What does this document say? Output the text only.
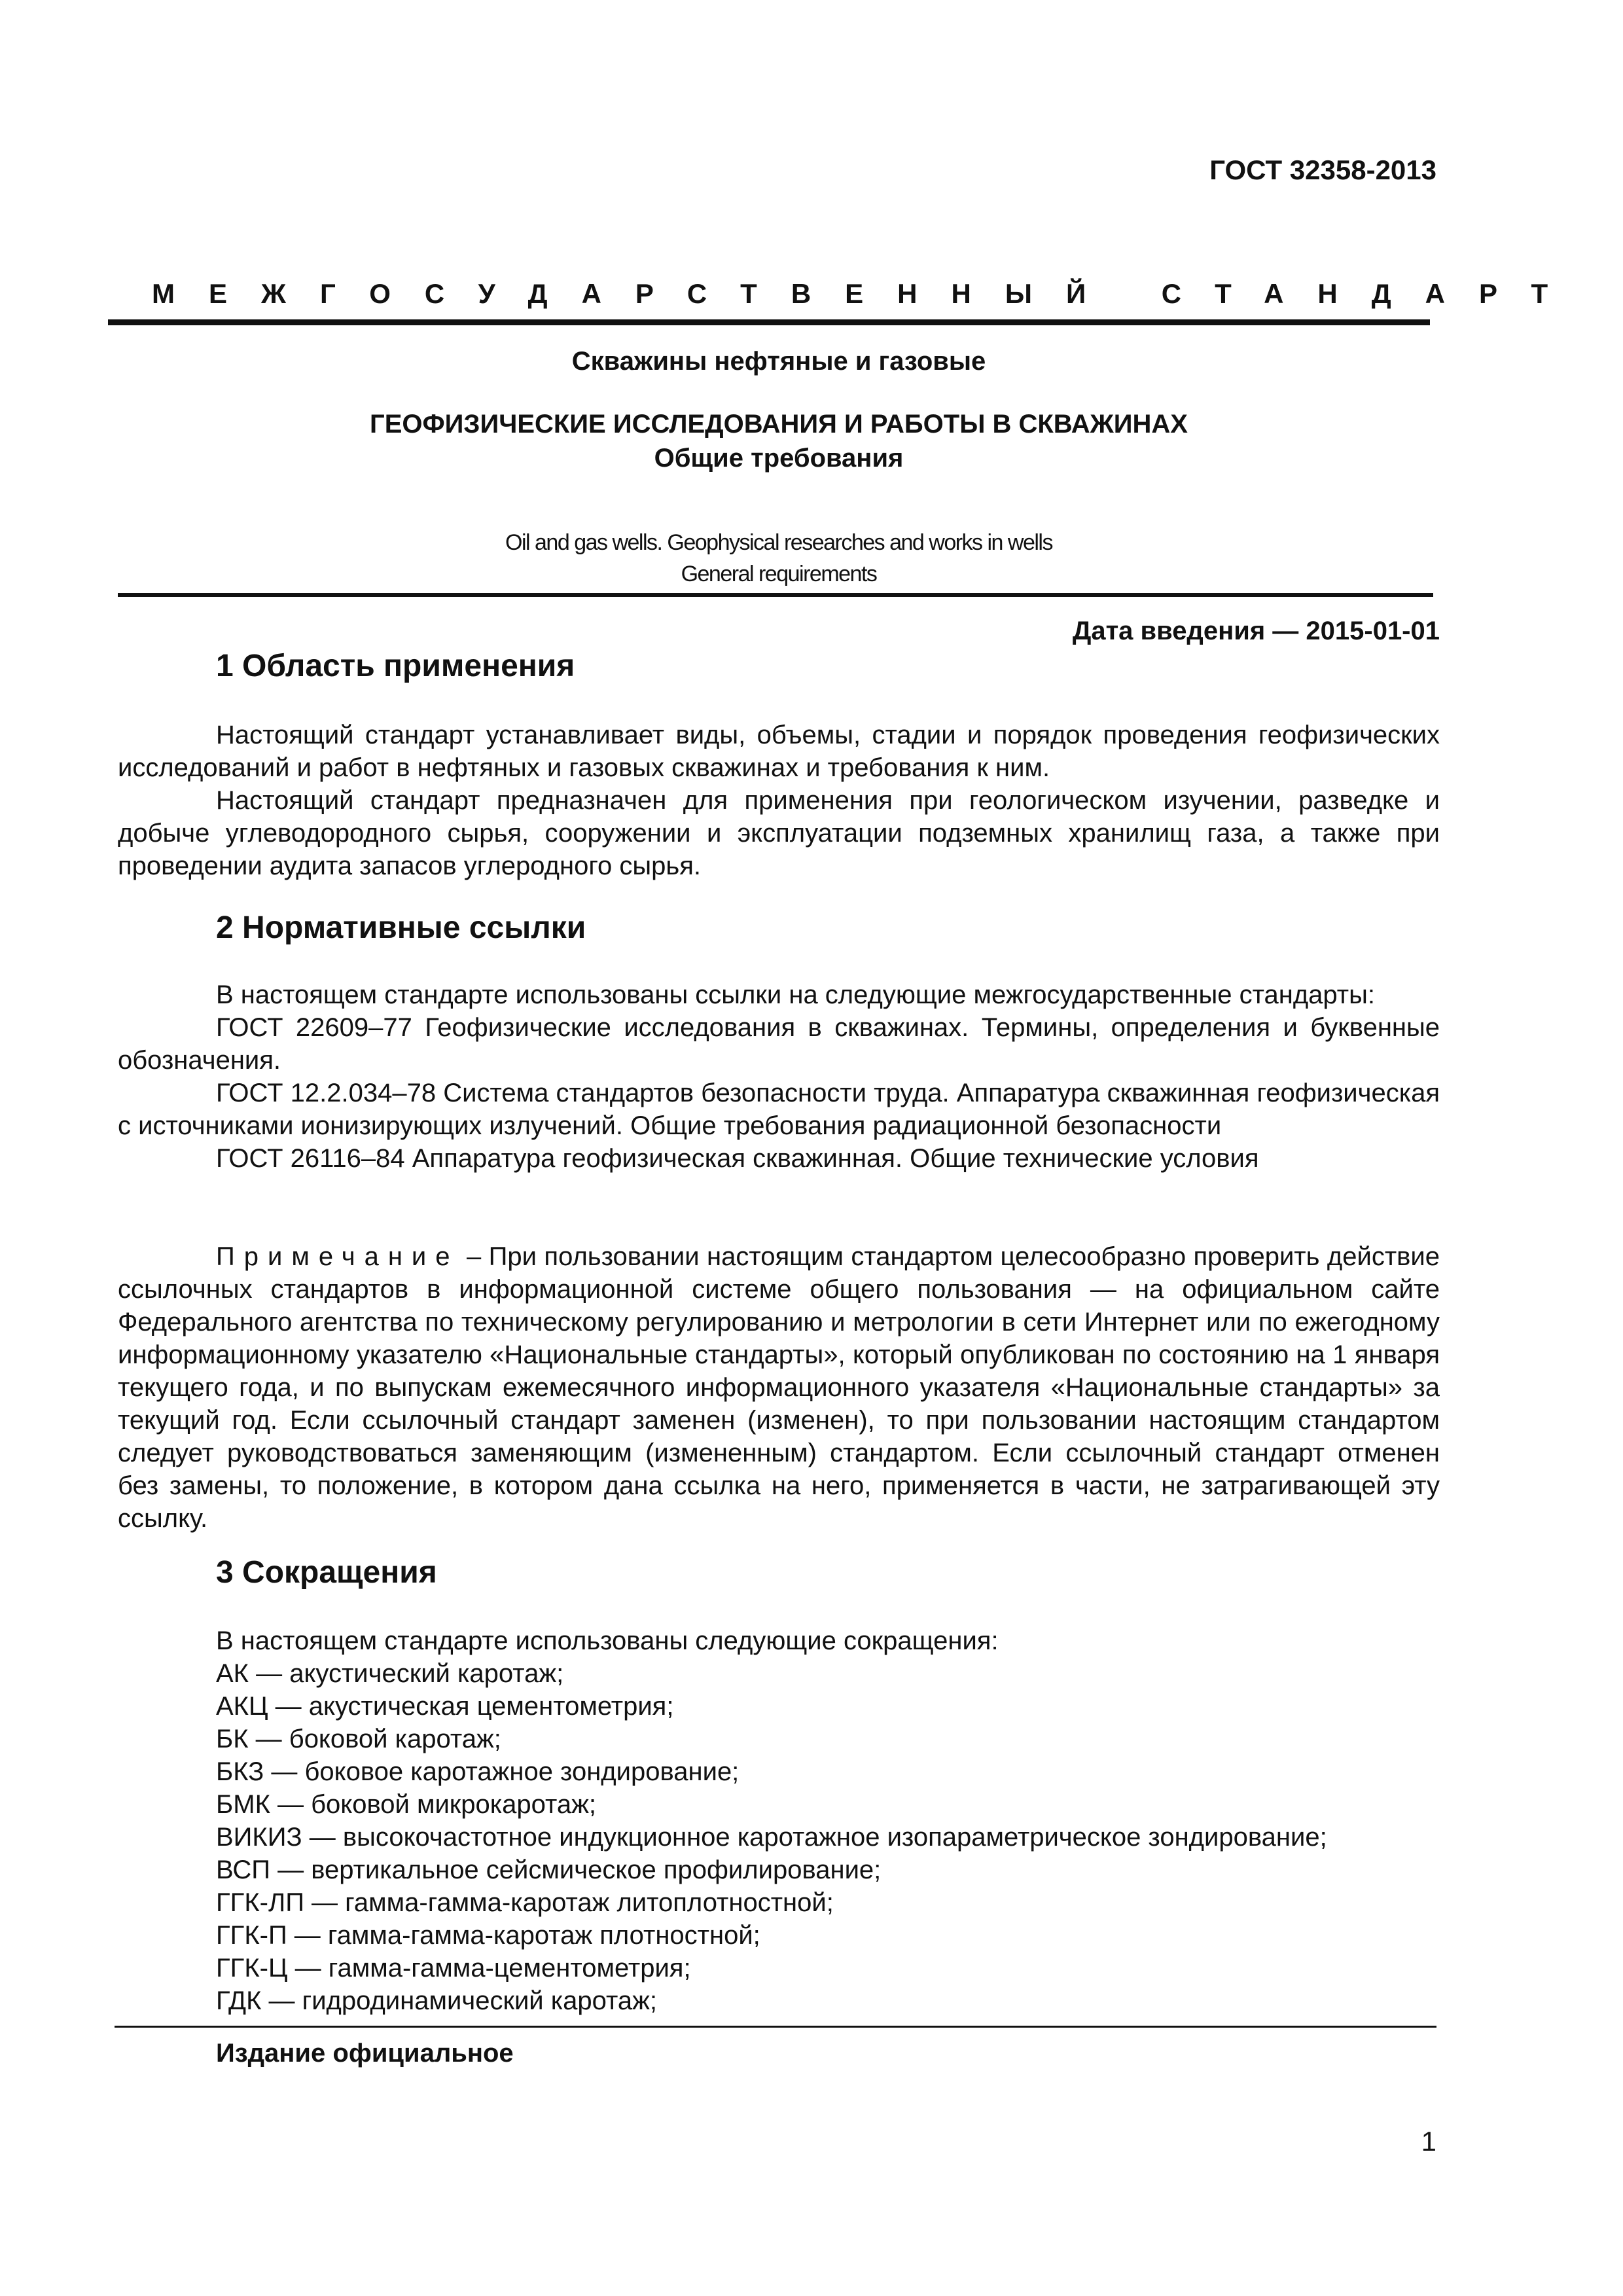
ГОСТ 32358-2013
МЕЖГОСУДАРСТВЕННЫЙ СТАНДАРТ
Скважины нефтяные и газовые
ГЕОФИЗИЧЕСКИЕ ИССЛЕДОВАНИЯ И РАБОТЫ В СКВАЖИНАХ
Общие требования
Oil and gas wells. Geophysical researches and works in wells
General requirements
Дата введения — 2015-01-01
1 Область применения

Настоящий стандарт устанавливает виды, объемы, стадии и порядок проведения геофизических исследований и работ в нефтяных и газовых скважинах и требования к ним.

Настоящий стандарт предназначен для применения при геологическом изучении, разведке и добыче углеводородного сырья, сооружении и эксплуатации подземных хранилищ газа, а также при проведении аудита запасов углеродного сырья.

2 Нормативные ссылки

В настоящем стандарте использованы ссылки на следующие межгосударственные стандарты:

ГОСТ 22609–77 Геофизические исследования в скважинах. Термины, определения и буквенные обозначения.

ГОСТ 12.2.034–78 Система стандартов безопасности труда. Аппаратура скважинная геофизическая с источниками ионизирующих излучений. Общие требования радиационной безопасности

ГОСТ 26116–84 Аппаратура геофизическая скважинная. Общие технические условия

Примечание – При пользовании настоящим стандартом целесообразно проверить действие ссылочных стандартов в информационной системе общего пользования — на официальном сайте Федерального агентства по техническому регулированию и метрологии в сети Интернет или по ежегодному информационному указателю «Национальные стандарты», который опубликован по состоянию на 1 января текущего года, и по выпускам ежемесячного информационного указателя «Национальные стандарты» за текущий год. Если ссылочный стандарт заменен (изменен), то при пользовании настоящим стандартом следует руководствоваться заменяющим (измененным) стандартом. Если ссылочный стандарт отменен без замены, то положение, в котором дана ссылка на него, применяется в части, не затрагивающей эту ссылку.

3 Сокращения
В настоящем стандарте использованы следующие сокращения:
АК — акустический каротаж;
АКЦ — акустическая цементометрия;
БК — боковой каротаж;
БКЗ — боковое каротажное зондирование;
БМК — боковой микрокаротаж;
ВИКИЗ — высокочастотное индукционное каротажное изопараметрическое зондирование;
ВСП — вертикальное сейсмическое профилирование;
ГГК-ЛП — гамма-гамма-каротаж литоплотностной;
ГГК-П — гамма-гамма-каротаж плотностной;
ГГК-Ц — гамма-гамма-цементометрия;
ГДК — гидродинамический каротаж;
Издание официальное
1
